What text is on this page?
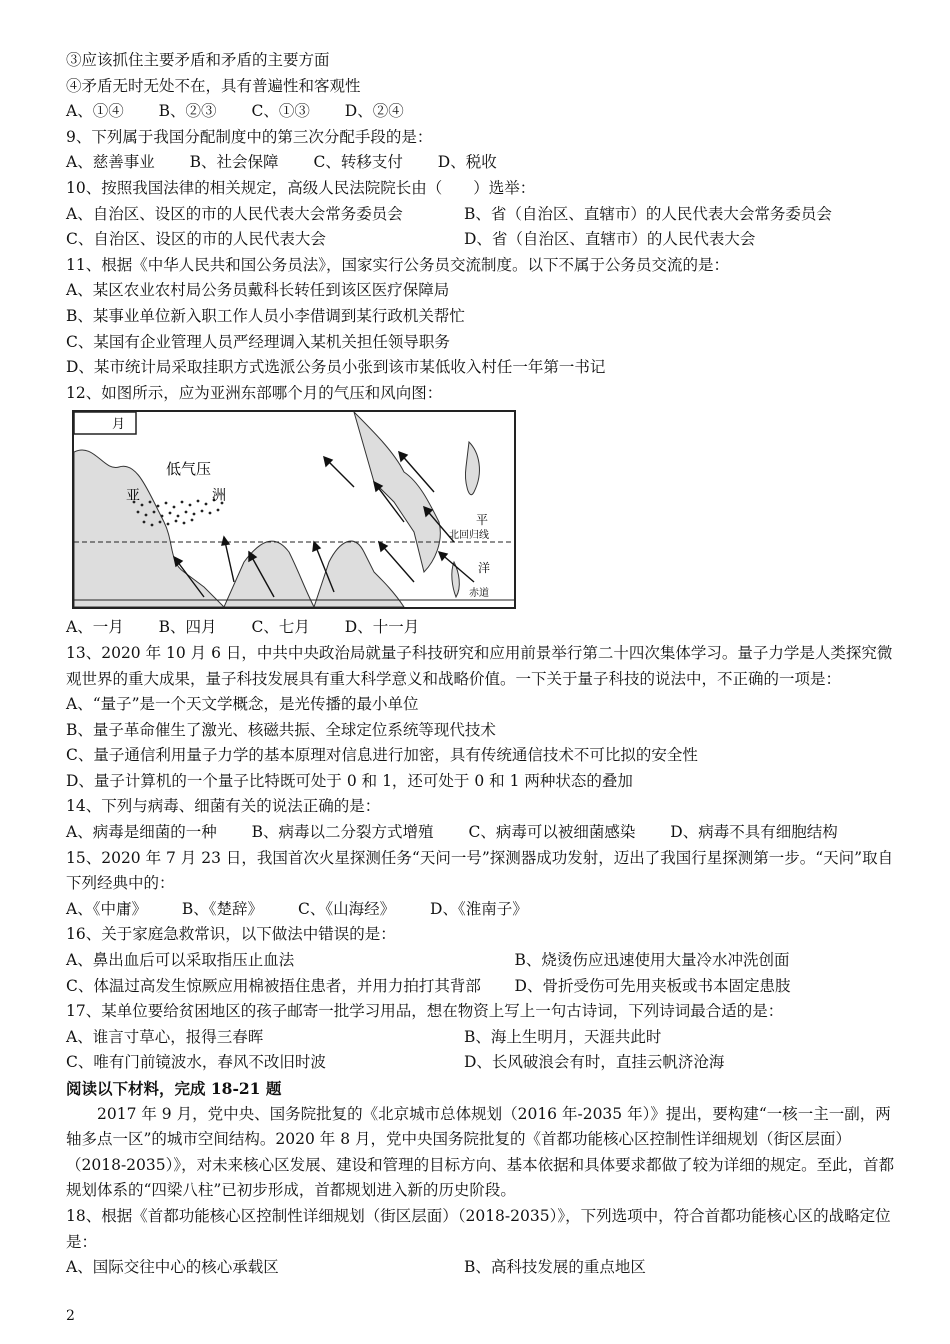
③应该抓住主要矛盾和矛盾的主要方面
④矛盾无时无处不在，具有普遍性和客观性
A、①④ B、②③ C、①③ D、②④
9、下列属于我国分配制度中的第三次分配手段的是：
A、慈善事业 B、社会保障 C、转移支付 D、税收
10、按照我国法律的相关规定，高级人民法院院长由（　　）选举：
A、自治区、设区的市的人民代表大会常务委员会	B、省（自治区、直辖市）的人民代表大会常务委员会
C、自治区、设区的市的人民代表大会	D、省（自治区、直辖市）的人民代表大会
11、根据《中华人民共和国公务员法》，国家实行公务员交流制度。以下不属于公务员交流的是：
A、某区农业农村局公务员戴科长转任到该区医疗保障局
B、某事业单位新入职工作人员小李借调到某行政机关帮忙
C、某国有企业管理人员严经理调入某机关担任领导职务
D、某市统计局采取挂职方式选派公务员小张到该市某低收入村任一年第一书记
12、如图所示，应为亚洲东部哪个月的气压和风向图：
月
低气压
亚	洲
平
北回归线
洋
赤道
A、一月 B、四月 C、七月 D、十一月
13、2020 年 10 月 6 日，中共中央政治局就量子科技研究和应用前景举行第二十四次集体学习。量子力学是人类探究微观世界的重大成果，量子科技发展具有重大科学意义和战略价值。一下关于量子科技的说法中，不正确的一项是：
A、“量子”是一个天文学概念，是光传播的最小单位
B、量子革命催生了激光、核磁共振、全球定位系统等现代技术
C、量子通信利用量子力学的基本原理对信息进行加密，具有传统通信技术不可比拟的安全性
D、量子计算机的一个量子比特既可处于 0 和 1，还可处于 0 和 1 两种状态的叠加
14、下列与病毒、细菌有关的说法正确的是：
A、病毒是细菌的一种 B、病毒以二分裂方式增殖 C、病毒可以被细菌感染 D、病毒不具有细胞结构
15、2020 年 7 月 23 日，我国首次火星探测任务“天问一号”探测器成功发射，迈出了我国行星探测第一步。“天问”取自下列经典中的：
A、《中庸》 B、《楚辞》 C、《山海经》 D、《淮南子》
16、关于家庭急救常识，以下做法中错误的是：
A、鼻出血后可以采取指压止血法	B、烧烫伤应迅速使用大量冷水冲洗创面
C、体温过高发生惊厥应用棉被捂住患者，并用力拍打其背部	D、骨折受伤可先用夹板或书本固定患肢
17、某单位要给贫困地区的孩子邮寄一批学习用品，想在物资上写上一句古诗词，下列诗词最合适的是：
A、谁言寸草心，报得三春晖	B、海上生明月，天涯共此时
C、唯有门前镜波水，春风不改旧时波	D、长风破浪会有时，直挂云帆济沧海
阅读以下材料，完成 18-21 题
2017 年 9 月，党中央、国务院批复的《北京城市总体规划（2016 年-2035 年）》提出，要构建“一核一主一副，两轴多点一区”的城市空间结构。2020 年 8 月，党中央国务院批复的《首都功能核心区控制性详细规划（街区层面）（2018-2035）》，对未来核心区发展、建设和管理的目标方向、基本依据和具体要求都做了较为详细的规定。至此，首都规划体系的“四梁八柱”已初步形成，首都规划进入新的历史阶段。
18、根据《首都功能核心区控制性详细规划（街区层面）（2018-2035）》，下列选项中，符合首都功能核心区的战略定位是：
A、国际交往中心的核心承载区	B、高科技发展的重点地区
2
